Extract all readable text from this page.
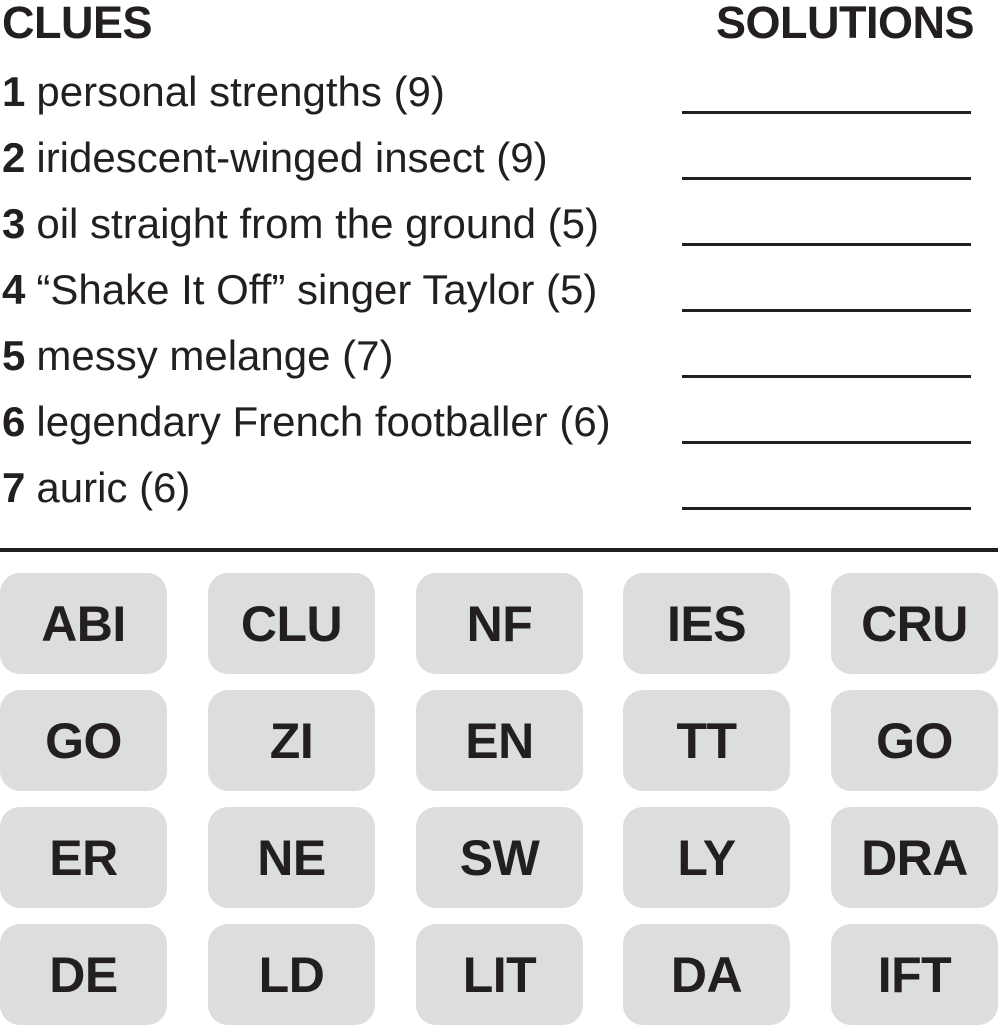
CLUES	SOLUTIONS
1 personal strengths (9)
2 iridescent-winged insect (9)
3 oil straight from the ground (5)
4 “Shake It Off” singer Taylor (5)
5 messy melange (7)
6 legendary French footballer (6)
7 auric (6)
ABI	CLU	NF	IES	CRU
GO	ZI	EN	TT	GO
ER	NE	SW	LY	DRA
DE	LD	LIT	DA	IFT
